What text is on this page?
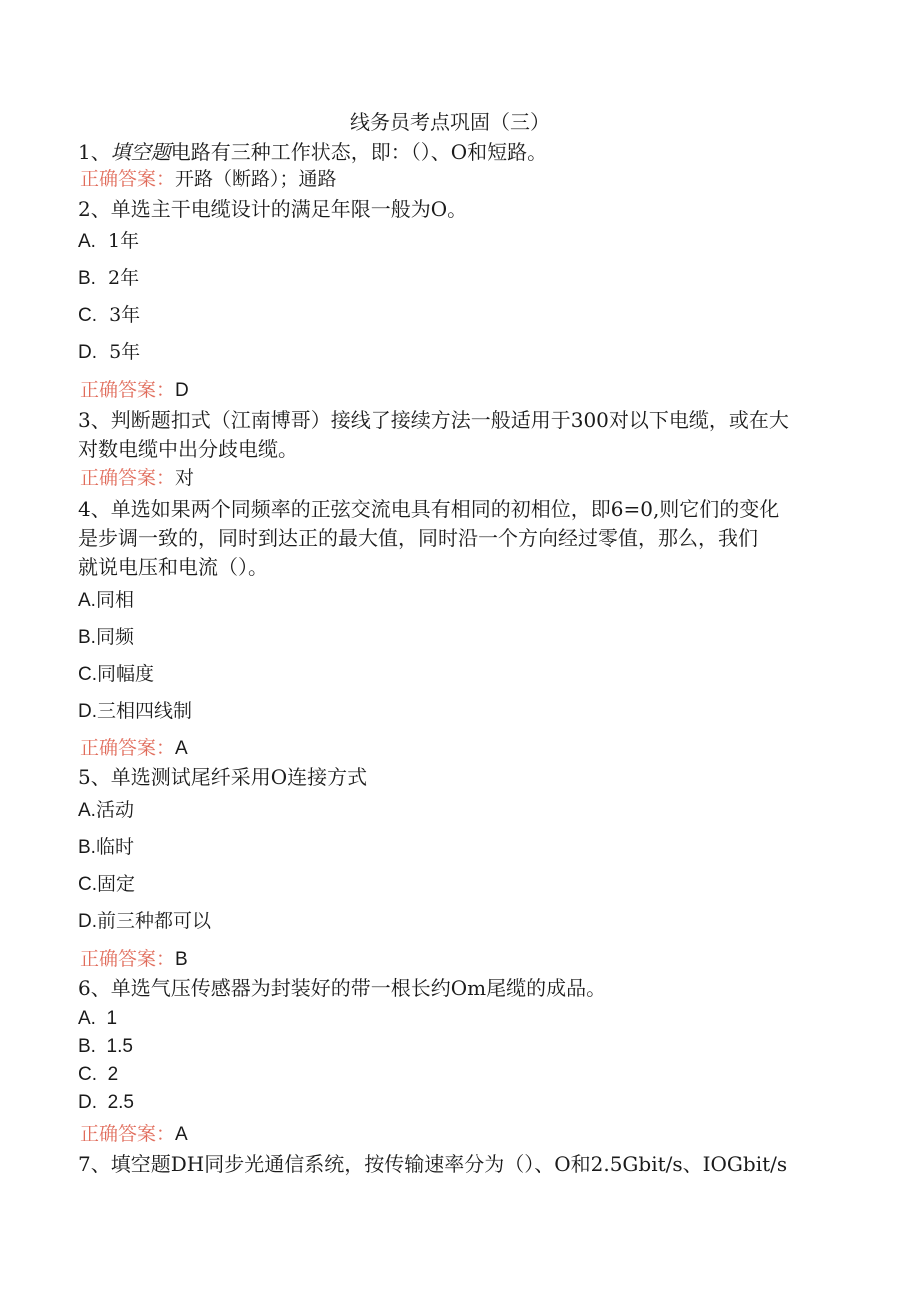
线务员考点巩固（三）
1、填空题电路有三种工作状态，即：（）、O和短路。
正确答案：开路（断路）；通路
2、单选主干电缆设计的满足年限一般为O。
A. 1年
B. 2年
C. 3年
D. 5年
正确答案：D
3、判断题扣式（江南博哥）接线了接续方法一般适用于300对以下电缆，或在大
对数电缆中出分歧电缆。
正确答案：对
4、单选如果两个同频率的正弦交流电具有相同的初相位，即6=0,则它们的变化
是步调一致的，同时到达正的最大值，同时沿一个方向经过零值，那么，我们
就说电压和电流（）。
A.同相
B.同频
C.同幅度
D.三相四线制
正确答案：A
5、单选测试尾纤采用O连接方式
A.活动
B.临时
C.固定
D.前三种都可以
正确答案：B
6、单选气压传感器为封装好的带一根长约Om尾缆的成品。
A. 1
B. 1.5
C. 2
D. 2.5
正确答案：A
7、填空题DH同步光通信系统，按传输速率分为（）、O和2.5Gbit/s、IOGbit/s
